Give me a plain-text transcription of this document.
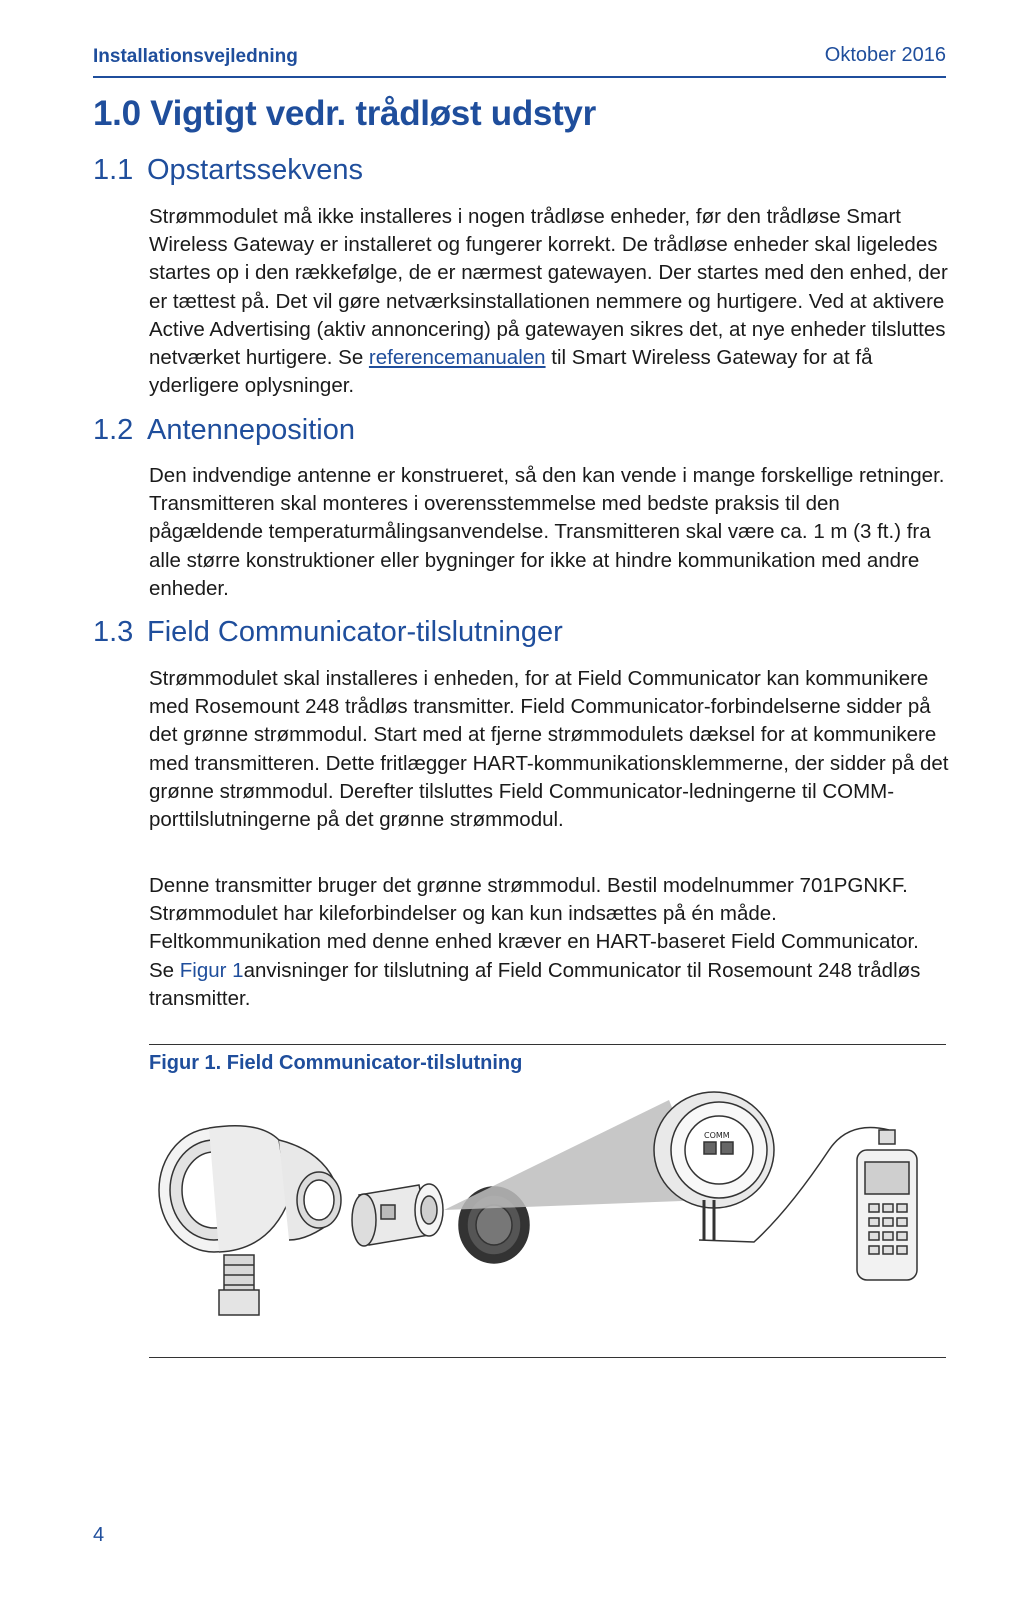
Installationsvejledning	Oktober 2016
1.0 Vigtigt vedr. trådløst udstyr
1.1 Opstartssekvens

Strømmodulet må ikke installeres i nogen trådløse enheder, før den trådløse Smart Wireless Gateway er installeret og fungerer korrekt. De trådløse enheder skal ligeledes startes op i den rækkefølge, de er nærmest gatewayen. Der startes med den enhed, der er tættest på. Det vil gøre netværksinstallationen nemmere og hurtigere. Ved at aktivere Active Advertising (aktiv annoncering) på gatewayen sikres det, at nye enheder tilsluttes netværket hurtigere. Se referencemanualen til Smart Wireless Gateway for at få yderligere oplysninger.

1.2 Antenneposition

Den indvendige antenne er konstrueret, så den kan vende i mange forskellige retninger. Transmitteren skal monteres i overensstemmelse med bedste praksis til den pågældende temperaturmålingsanvendelse. Transmitteren skal være ca. 1 m (3 ft.) fra alle større konstruktioner eller bygninger for ikke at hindre kommunikation med andre enheder.

1.3 Field Communicator-tilslutninger

Strømmodulet skal installeres i enheden, for at Field Communicator kan kommunikere med Rosemount 248 trådløs transmitter. Field Communicator-forbindelserne sidder på det grønne strømmodul. Start med at fjerne strømmodulets dæksel for at kommunikere med transmitteren. Dette fritlægger HART-kommunikationsklemmerne, der sidder på det grønne strømmodul. Derefter tilsluttes Field Communicator-ledningerne til COMM-porttilslutningerne på det grønne strømmodul.

Denne transmitter bruger det grønne strømmodul. Bestil modelnummer 701PGNKF. Strømmodulet har kileforbindelser og kan kun indsættes på én måde. Feltkommunikation med denne enhed kræver en HART-baseret Field Communicator. Se Figur 1anvisninger for tilslutning af Field Communicator til Rosemount 248 trådløs transmitter.

Figur 1. Field Communicator-tilslutning
COMM
4
